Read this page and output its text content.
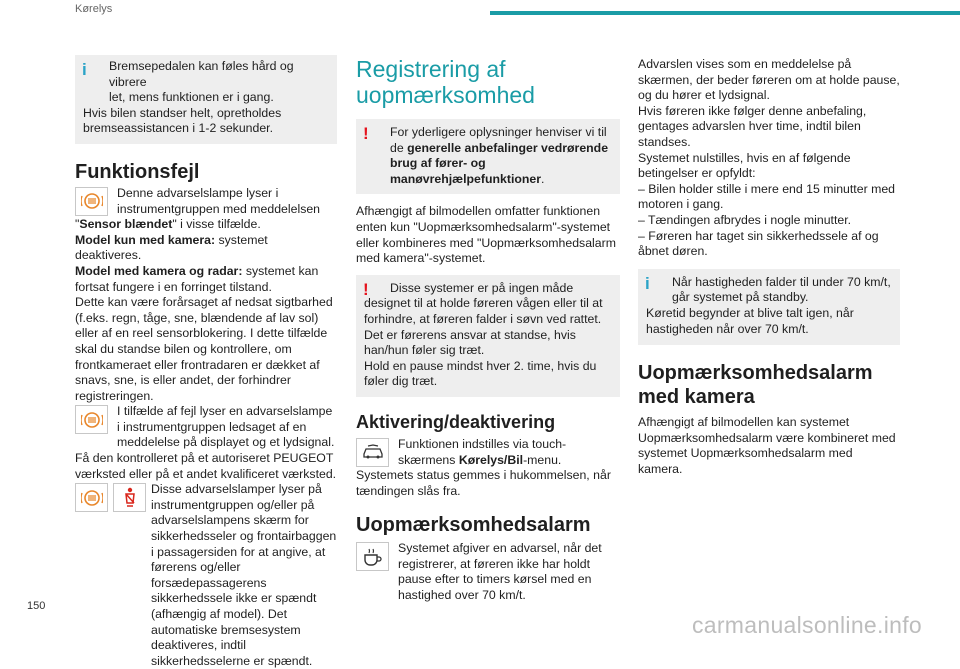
Kørelys
i	Bremsepedalen kan føles hård og vibrere

let, mens funktionen er i gang.

Hvis bilen standser helt, opretholdes bremseassistancen i 1-2 sekunder.

Funktionsfejl

Denne advarselslampe lyser i instrumentgruppen med meddelelsen

"Sensor blændet" i visse tilfælde.

Model kun med kamera: systemet deaktiveres.

Model med kamera og radar: systemet kan fortsat fungere i en forringet tilstand.

Dette kan være forårsaget af nedsat sigtbarhed (f.eks. regn, tåge, sne, blændende af lav sol) eller af en reel sensorblokering. I dette tilfælde skal du standse bilen og kontrollere, om frontkameraet eller frontradaren er dækket af snavs, sne, is eller andet, der forhindrer registreringen.

I tilfælde af fejl lyser en advarselslampe i instrumentgruppen ledsaget af en meddelelse på displayet og et lydsignal.

Få den kontrolleret på et autoriseret PEUGEOT værksted eller på et andet kvalificeret værksted.

Disse advarselslamper lyser på instrumentgruppen og/eller på advarselslampens skærm for sikkerhedsseler og frontairbaggen i passagersiden for at angive, at førerens og/eller forsædepassagerens sikkerhedssele ikke er spændt (afhængig af model). Det automatiske bremsesystem deaktiveres, indtil sikkerhedsselerne er spændt.

Registrering af uopmærksomhed

!	For yderligere oplysninger henviser vi til de generelle anbefalinger vedrørende brug af fører- og manøvrehjælpefunktioner.

Afhængigt af bilmodellen omfatter funktionen enten kun "Uopmærksomhedsalarm"-systemet eller kombineres med "Uopmærksomhedsalarm med kamera"-systemet.

!	Disse systemer er på ingen måde designet til at holde føreren vågen eller til at forhindre, at føreren falder i søvn ved rattet. Det er førerens ansvar at standse, hvis han/hun føler sig træt.

Hold en pause mindst hver 2. time, hvis du føler dig træt.

Aktivering/deaktivering

Funktionen indstilles via touch-skærmens Kørelys/Bil-menu.

Systemets status gemmes i hukommelsen, når tændingen slås fra.

Uopmærksomhedsalarm

Systemet afgiver en advarsel, når det registrerer, at føreren ikke har holdt pause efter to timers kørsel med en hastighed over 70 km/t.

Advarslen vises som en meddelelse på skærmen, der beder føreren om at holde pause, og du hører et lydsignal.

Hvis føreren ikke følger denne anbefaling, gentages advarslen hver time, indtil bilen standses.

Systemet nulstilles, hvis en af følgende betingelser er opfyldt:

– Bilen holder stille i mere end 15 minutter med motoren i gang.

– Tændingen afbrydes i nogle minutter.

– Føreren har taget sin sikkerhedssele af og åbnet døren.

i	Når hastigheden falder til under 70 km/t, går systemet på standby.

Køretid begynder at blive talt igen, når hastigheden når over 70 km/t.

Uopmærksomhedsalarm med kamera

Afhængigt af bilmodellen kan systemet Uopmærksomhedsalarm være kombineret med systemet Uopmærksomhedsalarm med kamera.

150
carmanualsonline.info
